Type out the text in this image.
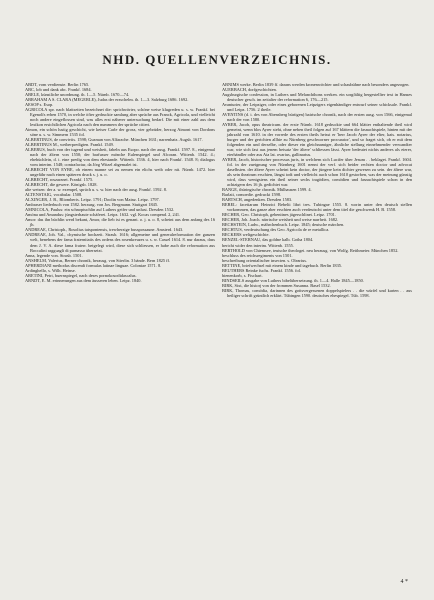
NHD. QUELLENVERZEICHNIS.

ABDT, vom verdienste. Berlin 1765.

ABC, lob und dank abc. Frankf. 1684.

ABELE, künstliche unordnung. th. 1—5. Nürnb. 1670—74.

ABRAHAM A S. CLARA (MEGERLE), Judas der erzschelm. th. 1—3. Salzburg 1686. 1692.

AESOP s. Esop.

AGRICOLA spr. nach blattseiten bezeichnet die: sprichwörter, schöne weise klugreden u. s. w. Frankf. bei Egenolfs erben 1570, in welche öfter gedruckte samlung aber sprüche aus Franck, Agricola, und vielleicht noch andere eingeflossen sind, was alles erst näherer untersuchung bedarf. Die mit einer zahl aus dem lexikon ersichtlichen Agricola nach den nummern der sprüche citiert.

Aimon, ein schön lustig geschicht, wie keiser Carle der grosz, vier gebrüder, herzog Aimont von Dordons söne u. s. w. Simmern 1535 fol.

ALBERTINUS, de conviviis. 1598; Guzman von Alfarache. München 1631; narrenhatz. Augsb. 1617.

ALBERTINUS M., weiberpredigten. Frankf. 1549.

ALBERUS, buch von der tugend und weisheit, fabeln aus Esopo. nach der ausg. Frankf. 1597. 8., einigemal nach der ältern von 1550; der barfusser mönche Eulenspiegel und Alcoran. Wittenb. 1542. 4.; ehebüchlein, d. i. eine predig von dem ehestande. Wittenb. 1536. 4, hier nach Frankf. 1548. 8; dialogus vom interim. 1548; contrafactur, da Jörg Witzel abgemalet ist.

ALBRECHT VON EYBE, ob einem manne sei zu nemen ein elichs weib oder nit. Nürnb. 1472. hier ungefähr nach einen späteren druck s. j. u. o.

ALBRECHT, roszarznei. Frankf. 1575.

ALBRECHT, die gewere. Königsb. 1828.

alte weisen: der a. w. exempel, sprüch u. s. w. hier nach der ausg. Frankf. 1592. 8.

ALTENSTAIG, vocabular. 1508.

ALXINGER, J. B., Bliomberis. Leipz. 1791; Doolin von Mainz. Leipz. 1797.

Ambraser liederbuch von 1582. herausg. von Jos. Bergmann. Stuttgart 1845.

AMNICOLA, Paulus: ein schnoptuchlin auf Luthers geifer und unlust. Dresden 1532.

Amöna und Amandus: jüngsterhaute schäferei. Leipz. 1632. vgl. Kocas compend. 2, 241.

Amor: das ihn büchlin werd bekant, Amor, die lieb ist es genant. o. j. u. o. 8, scheint aus dem anfang des 16 jh.

ANDREAE, Christoph., Rosolius tatspontensis, trewherzige busspossaune. Amsterd. 1643.

ANDREAE, Joh. Val., chymische hochzeit. Strasb. 1616; allgemeine und generalreformation der ganzen welt, benebens der fama fraternitatis des ordens des rosenkreuzes u. s. w. Cassel 1614. 8. nur daraus, dass dem J. V. A. diese fama fraterr. beigelegt wird, diese sich schliessen, er habe auch die reformation aus Boccalini ragguagli di parnasso übersetzt.

Anna, legende von. Strasb. 1501.

ANSHELM, Valerius, Berner chronik, herausg. von Stierlin. 3 bände. Bern 1825 ff.

APHERDIANI methodus discendi formulas latinae linguae. Coloniae 1571. 8.

Ardinghello, s. Wilh. Heinse.

ARETINI, Petri, buernspiegel, nach deses pornokosodidascalus.

ARNDT, E. M. erinnerungen aus dem äusseren leben. Leipz. 1840.

ABNIMS werke. Berlin 1839 ff. darans werden kronenwöchter und schaubühne nach besonders angezogen.

AUERBACH, dorfgeschichten.

Augsburgische confession, in Luthers und Melanchthons werken. ein sorgfältig hergestellter text in Hanses deutscher gesch. im zeitalter der reformation 6, 176—215.

Avanturier, der Leipziger, oder eines geborenen Leipzigers eigenhändiger entwurf seiner schicksale. Frankf. und Leipz. 1756. 2 theile.

AVENTINS (d. i. des von Abensberg bürtigen) bairische chronik, nach der ersten ausg. von 1566, einigemal nach der von 1580.

AYRER, Jacob, opus theatricum. der erste Nürnb. 1618 gedruckte und 664 blätter enthaltende theil wird gemeint, wenn blos Ayrer steht, ohne neben theil folgen auf 167 blättern die fasnachtspiele, hinten mit der jahrzahl von 1610. in der vorrede des ersten theils heisst er 'herr Jacob Ayrer der elter, kais. notarius, burger und der gerichten allhie zu Nürnberg geschworner procurator', und so fraget sich, ob er mit dem folgenden ein und derselbe, oder dieser ein gleichnamiger, ähnliche stellung einnehmender verwandter war, wie sich fast aus jenem beisatz 'der ältere' schliessen lässt. Ayrer bedeutet nichts anderes als eierer, eierhändler oder aus Aia lat. ovarius, gallinarius.

AYRER, Jacob, historischer processus juris, in welchem sich Lucifer über Jesum . . beklaget. Frankf. 1604. fol. in der zueignung von Nürnberg 1601 nennt der verf. sich beider rechten doctor und advocat daselbsten. der ältere Ayrer scheint kein doctor, der jüngere kein dichter gewesen zu sein. der ältere war, als sein theatrum erschien, längst todt und vielleicht auch schon 1610 gestorben, was der meinung günstig wird, dass wenigstens ein theil seiner sechs tragödien, comödien und fasnachtspiele schon in den achtzigern des 16 jh. gedichtet war.

BANGE, thüringische chronik. Mülhausen 1599. 4.

Barlaii, comoedie. gedruckt 1598.

BARTSCH, angedenken. Dresden 1583.

BEBEL: facetiarum Heinrici Bebelii libri tres. Tubingae 1555. 8. worin unter den deutsch stellen vorkommen, das ganze aber erschien auch verdeutscht unter dem titel die geschwenk H. B. 1558.

BECHER, Geo. Christoph, gebenitnes jägerschlinet. Leipz. 1701.

BECHER, Joh. Joach. närrische weisheit und weise narrheit. 1682.

BECHSTEIN, Ludw., mährchenbuch. Leipz. 1845; deutsche märchen.

BECHTUS, verdeutschung des Geo. Agricola de re metallica.

BECKERS weltgeschichte.

BENZEL-STERNAU, das goldne kalb. Gotha 1804.

bericht wider den interim. Wittenb. 1555.

BERTHOLD von Chiemsee, teutsche theologei. neu herausg. von Wolfg. Reithmeier. München 1852.

beschluss des reichsregiments von 1501.

beschreibung orientalischer insecten. s. Olearius.

BETTINE, briefwechsel mit einem kinde und tagebuch. Berlin 1835.

BEUTHERS Reinke fuchs. Frankf. 1556. fol.

bienenkorb, s. Fischart.

BINDSEILS ausgabe von Luthers bibelübersetzung. th. 1—4. Halle 1845—1850.

BIRK, Sixt, die historj von der frommen Susanna. Basel 1532.

BIRK, Thomas, comödia, darinnen des gottsvergessenen doppelspielers . . die würfel und karten . . aus heiliger schrift grüntlich erklärt. Tübingen 1590. deutsches ehespiegel. Tüb. 1598.

4 *
